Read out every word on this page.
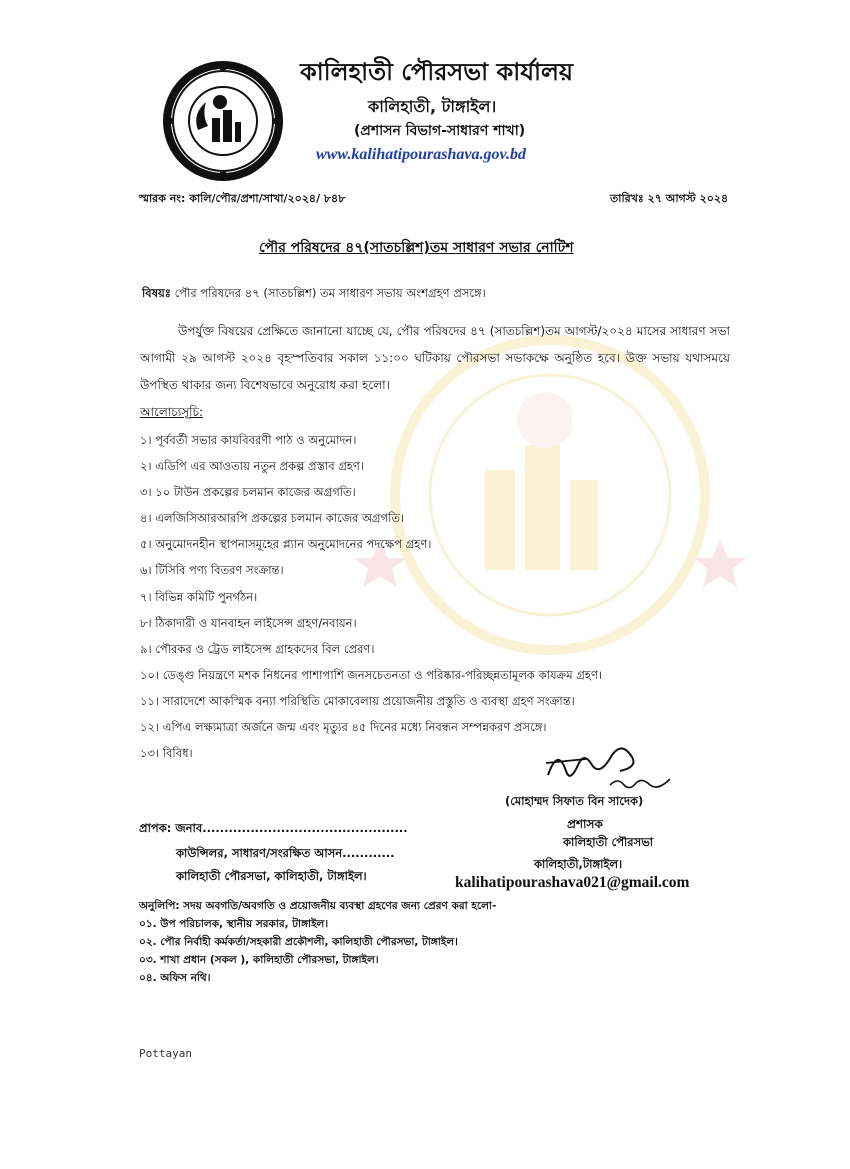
কালিহাতী পৌরসভা কার্যালয়
কালিহাতী, টাঙ্গাইল।
(প্রশাসন বিভাগ-সাধারণ শাখা)
www.kalihatipourashava.gov.bd
স্মারক নং: কালি/পৌর/প্রশা/সাখা/২০২৪/ ৮৪৮	তারিখঃ ২৭ আগস্ট ২০২৪
পৌর পরিষদের ৪৭(সাতচল্লিশ)তম সাধারণ সভার নোটিশ
বিষয়ঃ পৌর পরিষদের ৪৭ (সাতচল্লিশ) তম সাধারণ সভায় অংশগ্রহণ প্রসঙ্গে।
উপর্যুক্ত বিষয়ের প্রেক্ষিতে জানানো যাচ্ছে যে, পৌর পরিষদের ৪৭ (সাতচল্লিশ)তম আগস্ট/২০২৪ মাসের সাধারণ সভা আগামী ২৯ আগস্ট ২০২৪ বৃহস্পতিবার সকাল ১১:০০ ঘটিকায় পৌরসভা সভাকক্ষে অনুষ্ঠিত হবে। উক্ত সভায় যথাসময়ে উপস্থিত থাকার জন্য বিশেষভাবে অনুরোধ করা হলো।
আলোচ্যসূচি:
১। পূর্ববর্তী সভার কাযবিবরণী পাঠ ও অনুমোদন।
২। এডিপি এর আওতায় নতুন প্রকল্প প্রস্তাব গ্রহণ।
৩। ১০ টাউন প্রকল্পের চলমান কাজের অগ্রগতি।
৪। এলজিসিআরআরপি প্রকল্পের চলমান কাজের অগ্রগতি।
৫। অনুমোদনহীন স্থাপনাসমূহের প্ল্যান অনুমোদনের পদক্ষেপ গ্রহণ।
৬। টিসিবি পণ্য বিতরণ সংক্রান্ত।
৭। বিভিন্ন কমিটি পুনর্গঠন।
৮। ঠিকাদারী ও যানবাহন লাইসেন্স গ্রহণ/নবায়ন।
৯। পৌরকর ও ট্রেড লাইসেন্স গ্রাহকদের বিল প্রেরণ।
১০। ডেঙ্গু নিয়ন্ত্রণে মশক নিধনের পাশাপাশি জনসচেতনতা ও পরিষ্কার-পরিচ্ছন্নতামূলক কাযক্রম গ্রহণ।
১১। সারাদেশে আকস্মিক বন্যা পরিস্থিতি মোকাবেলায় প্রয়োজনীয় প্রস্তুতি ও ব্যবস্থা গ্রহণ সংক্রান্ত।
১২। এপিএ লক্ষ্যমাত্রা অর্জনে জন্ম এবং মৃত্যুর ৪৫ দিনের মধ্যে নিবন্ধন সম্পন্নকরণ প্রসঙ্গে।
১৩। বিবিধ।
(মোহাম্মদ সিফাত বিন সাদেক)
প্রশাসক
কালিহাতী পৌরসভা
কালিহাতী,টাঙ্গাইল।
kalihatipourashava021@gmail.com
প্রাপক: জনাব...............................................
কাউন্সিলর, সাধারণ/সংরক্ষিত আসন............
কালিহাতী পৌরসভা, কালিহাতী, টাঙ্গাইল।
অনুলিপি: সদয় অবগতি/অবগতি ও প্রয়োজনীয় ব্যবস্থা গ্রহণের জন্য প্রেরণ করা হলো-
০১. উপ পরিচালক, স্থানীয় সরকার, টাঙ্গাইল।
০২. পৌর নির্বাহী কর্মকর্তা/সহকারী প্রকৌশলী, কালিহাতী পৌরসভা, টাঙ্গাইল।
০৩. শাখা প্রধান (সকল ), কালিহাতী পৌরসভা, টাঙ্গাইল।
০৪. অফিস নথি।
Pottayan
